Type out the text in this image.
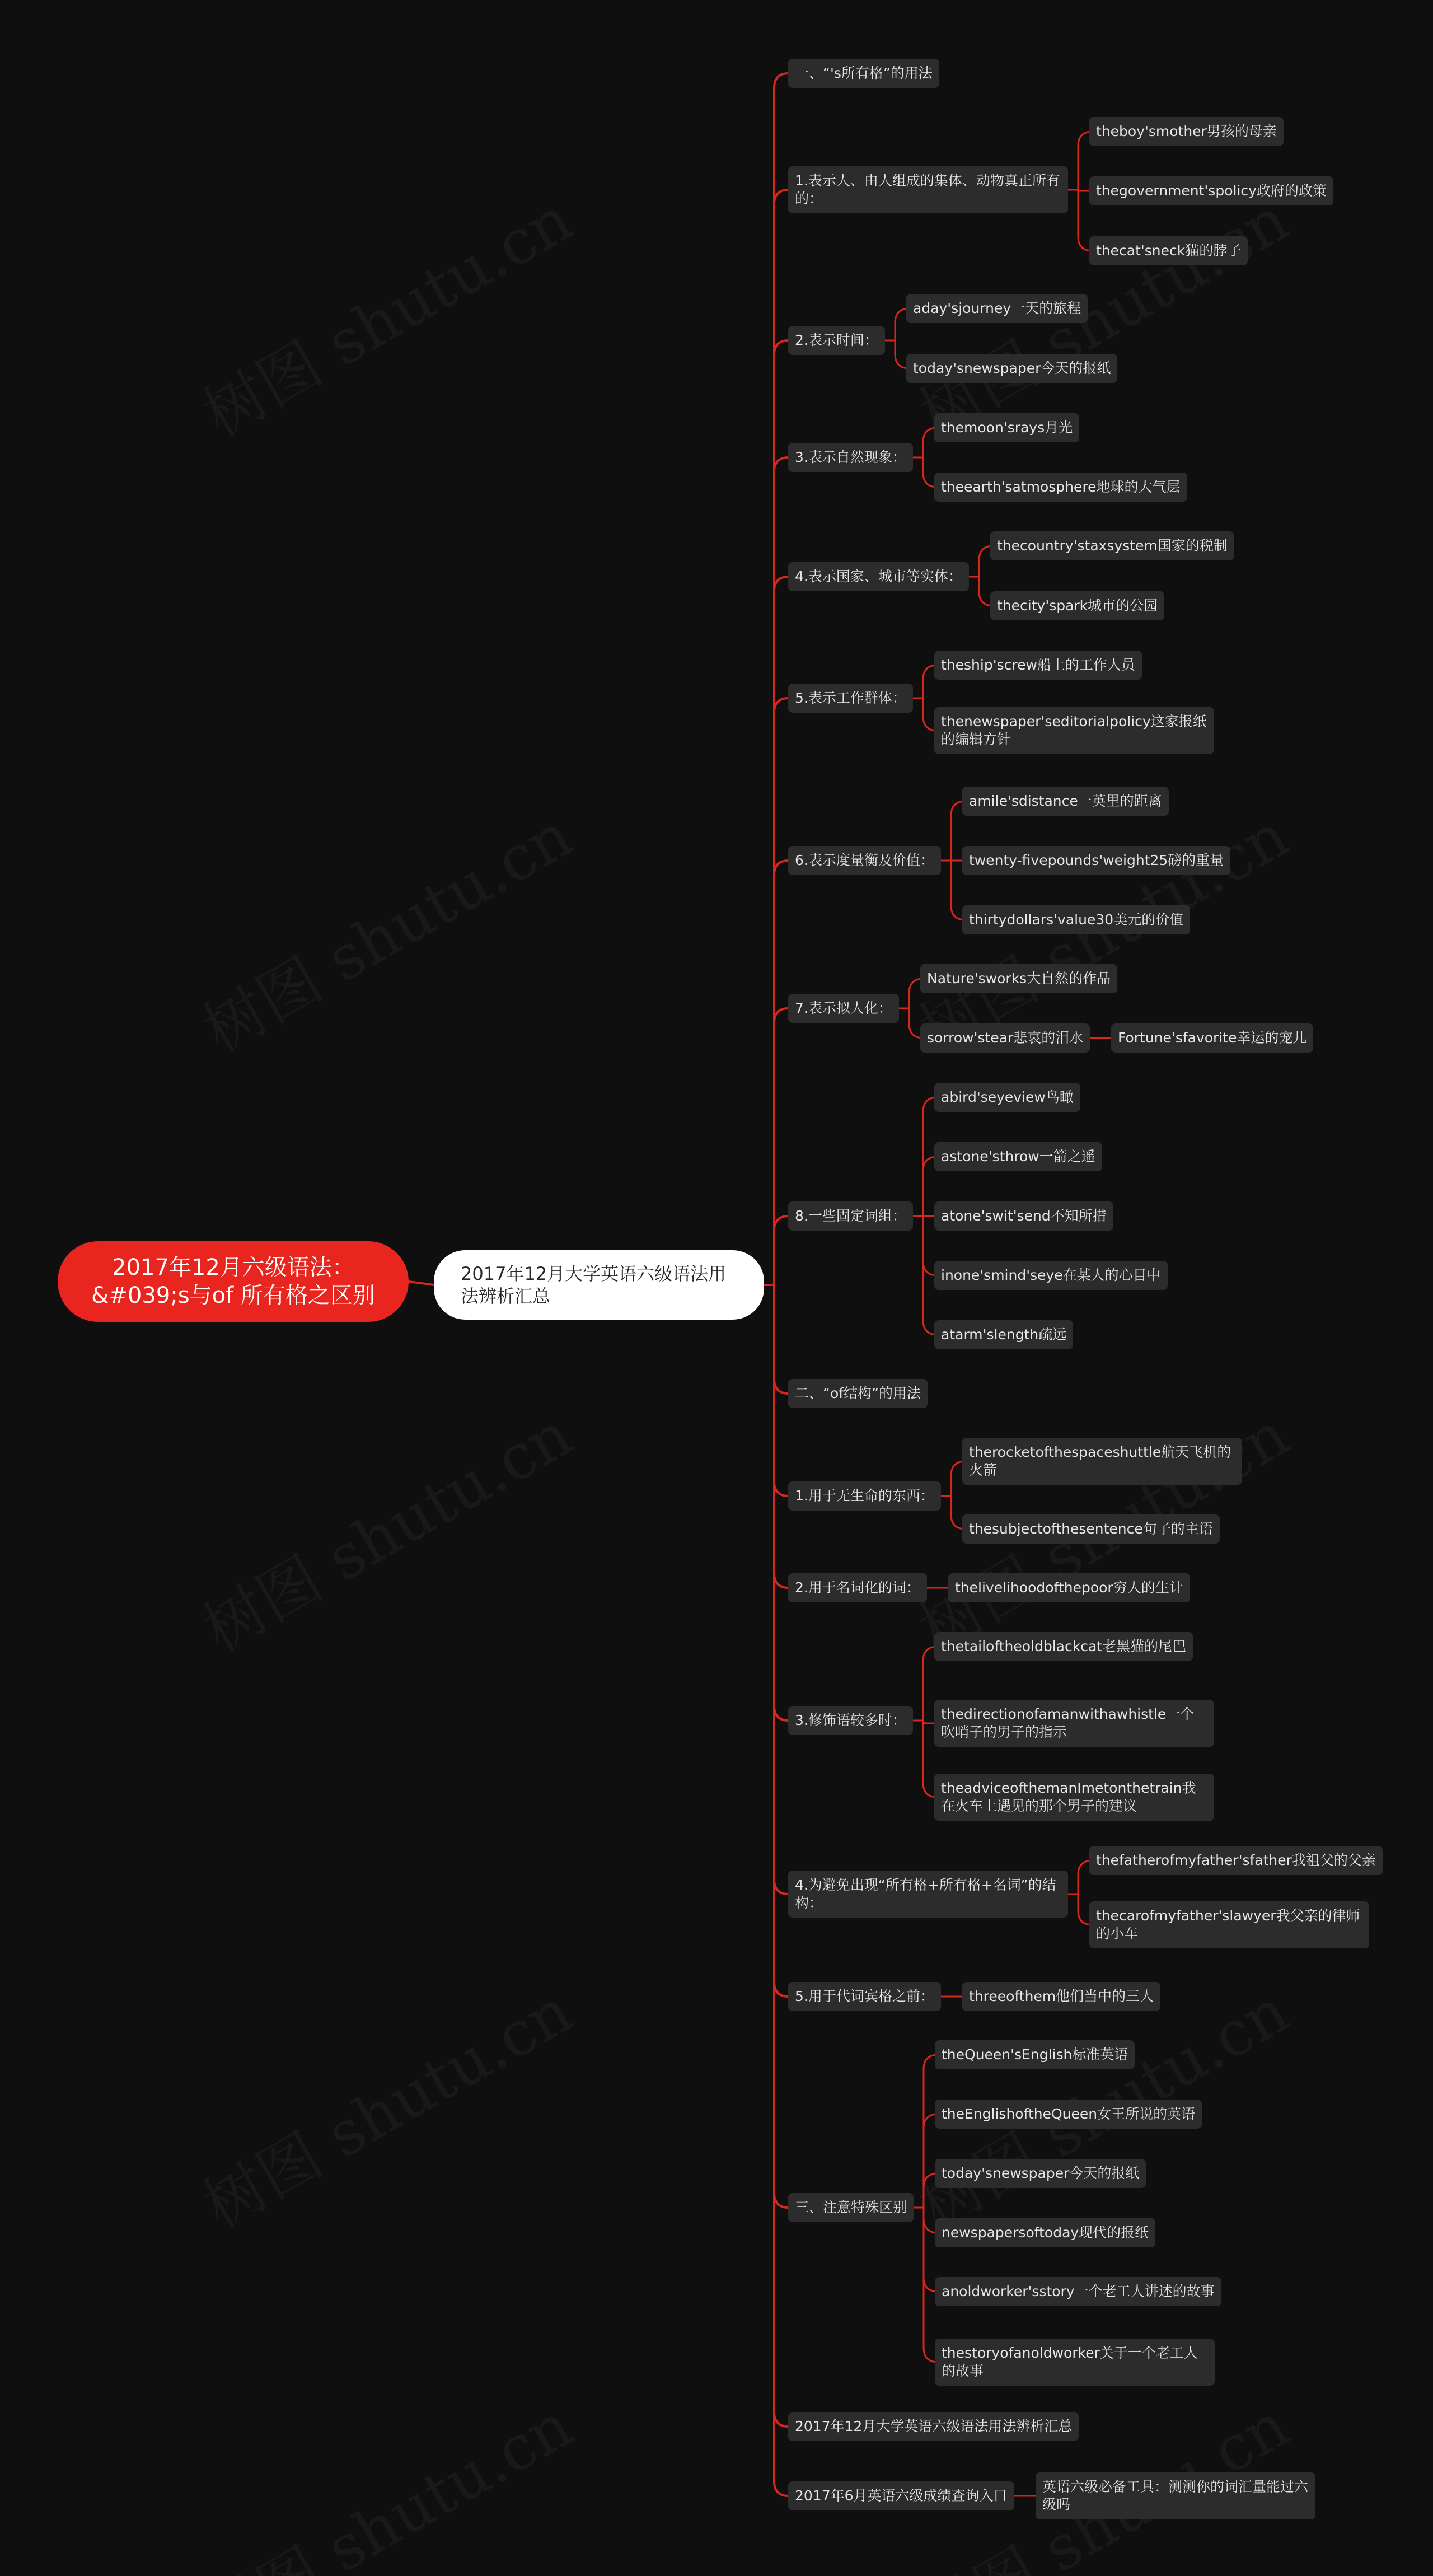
2017年12月六级语法：&#039;s与of 所有格之区别
2017年12月大学英语六级语法用法辨析汇总
一、“'s所有格”的用法
1.表示人、由人组成的集体、动物真正所有的：
theboy'smother男孩的母亲
thegovernment'spolicy政府的政策
thecat'sneck猫的脖子
2.表示时间：
aday'sjourney一天的旅程
today'snewspaper今天的报纸
3.表示自然现象：
themoon'srays月光
theearth'satmosphere地球的大气层
4.表示国家、城市等实体：
thecountry'staxsystem国家的税制
thecity'spark城市的公园
5.表示工作群体：
theship'screw船上的工作人员
thenewspaper'seditorialpolicy这家报纸的编辑方针
6.表示度量衡及价值：
amile'sdistance一英里的距离
twenty-fivepounds'weight25磅的重量
thirtydollars'value30美元的价值
7.表示拟人化：
Nature'sworks大自然的作品
sorrow'stear悲哀的泪水	Fortune'sfavorite幸运的宠儿
8.一些固定词组：
abird'seyeview鸟瞰
astone'sthrow一箭之遥
atone'swit'send不知所措
inone'smind'seye在某人的心目中
atarm'slength疏远
二、“of结构”的用法
1.用于无生命的东西：
therocketofthespaceshuttle航天飞机的火箭
thesubjectofthesentence句子的主语
2.用于名词化的词：	thelivelihoodofthepoor穷人的生计
3.修饰语较多时：
thetailoftheoldblackcat老黑猫的尾巴
thedirectionofamanwithawhistle一个吹哨子的男子的指示
theadviceofthemanImetonthetrain我在火车上遇见的那个男子的建议
4.为避免出现“所有格+所有格+名词”的结构：
thefatherofmyfather'sfather我祖父的父亲
thecarofmyfather'slawyer我父亲的律师的小车
5.用于代词宾格之前：	threeofthem他们当中的三人
三、注意特殊区别
theQueen'sEnglish标准英语
theEnglishoftheQueen女王所说的英语
today'snewspaper今天的报纸
newspapersoftoday现代的报纸
anoldworker'sstory一个老工人讲述的故事
thestoryofanoldworker关于一个老工人的故事
2017年12月大学英语六级语法用法辨析汇总
2017年6月英语六级成绩查询入口
英语六级必备工具：测测你的词汇量能过六级吗
